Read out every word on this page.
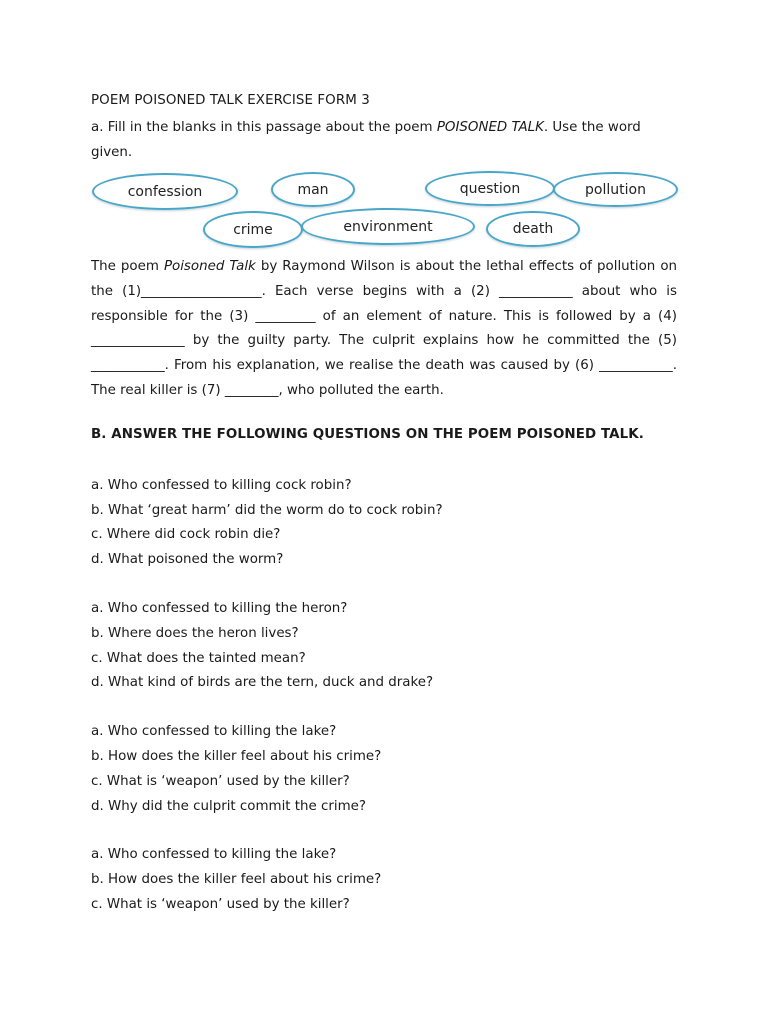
POEM POISONED TALK EXERCISE FORM 3

a. Fill in the blanks in this passage about the poem POISONED TALK. Use the word given.

confession	man	question	pollution
crime	environment	death

The poem Poisoned Talk by Raymond Wilson is about the lethal effects of pollution on the (1)__________________. Each verse begins with a (2) ___________ about who is responsible for the (3) _________ of an element of nature. This is followed by a (4) ______________ by the guilty party. The culprit explains how he committed the (5) ___________. From his explanation, we realise the death was caused by (6) ___________. The real killer is (7) ________, who polluted the earth.

B. ANSWER THE FOLLOWING QUESTIONS ON THE POEM POISONED TALK.
a. Who confessed to killing cock robin?
b. What ‘great harm’ did the worm do to cock robin?
c. Where did cock robin die?
d. What poisoned the worm?
a. Who confessed to killing the heron?
b. Where does the heron lives?
c. What does the tainted mean?
d. What kind of birds are the tern, duck and drake?
a. Who confessed to killing the lake?
b. How does the killer feel about his crime?
c. What is ‘weapon’ used by the killer?
d. Why did the culprit commit the crime?
a. Who confessed to killing the lake?
b. How does the killer feel about his crime?
c. What is ‘weapon’ used by the killer?
